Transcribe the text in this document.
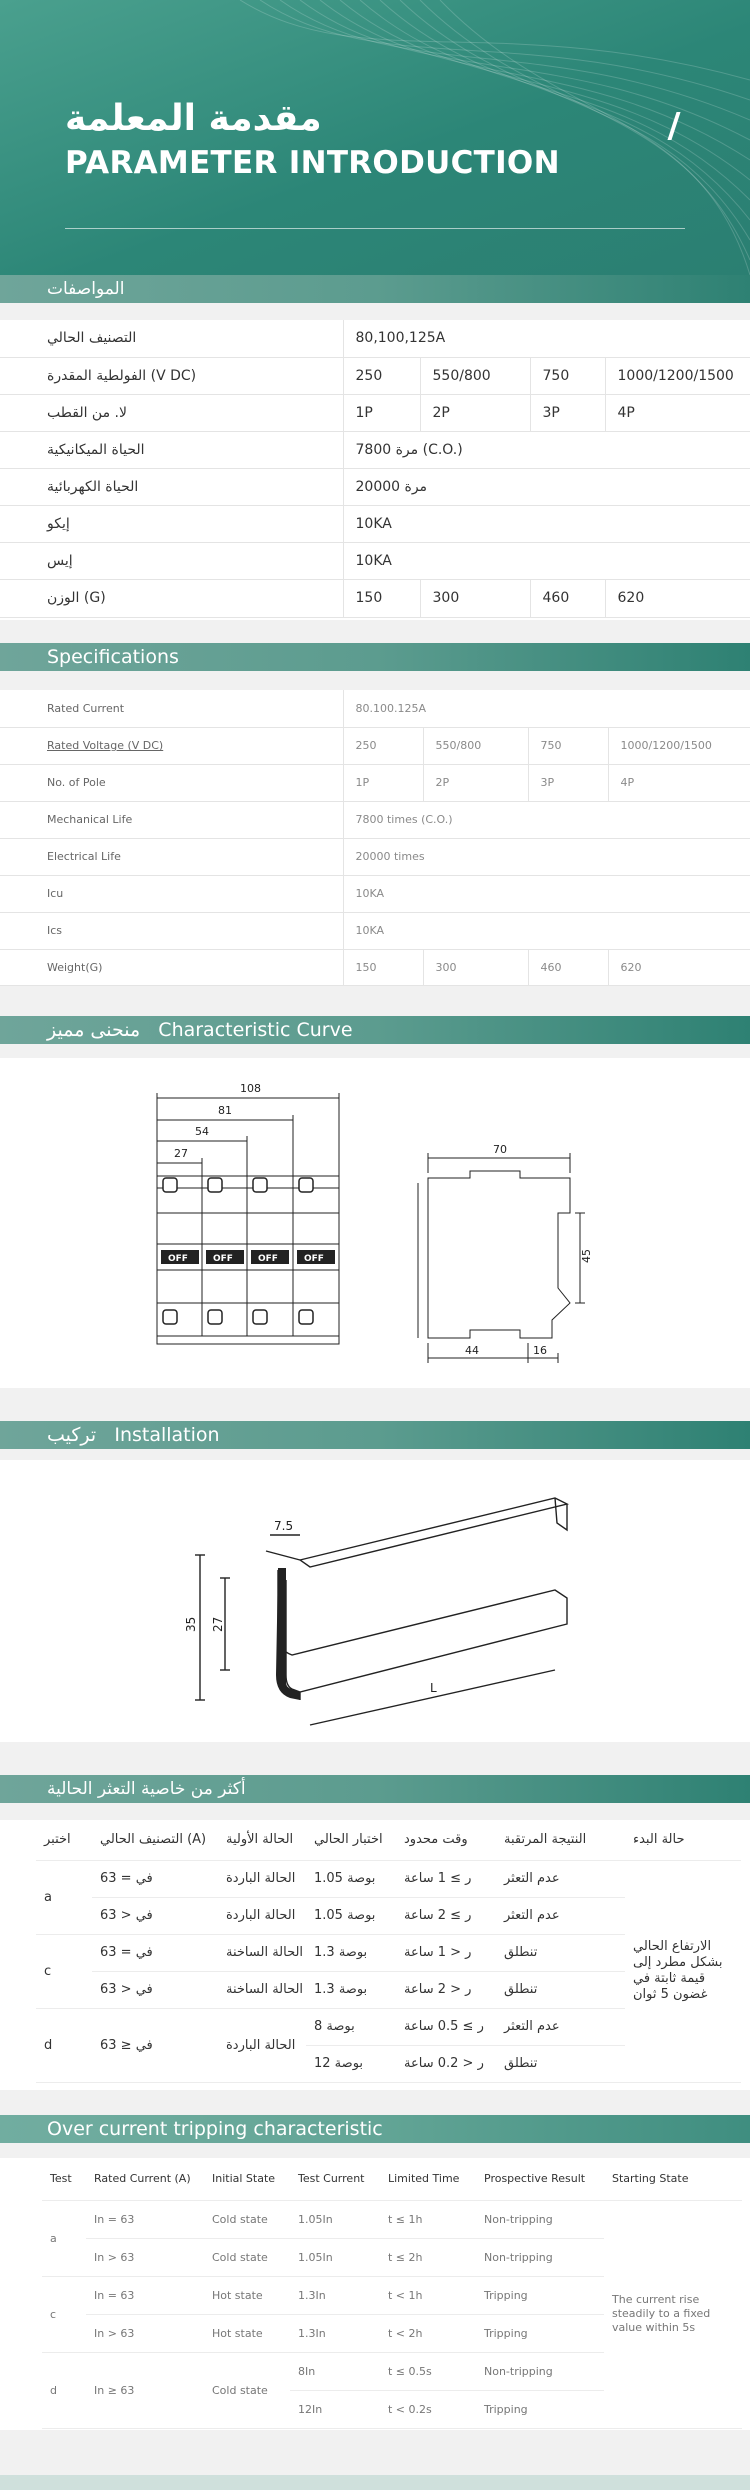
مقدمة المعلمة
PARAMETER INTRODUCTION
المواصفات
التصنيف الحالي	80,100,125A			
الفولطية المقدرة (V DC)	250	550/800	750	1000/1200/1500
لا. من القطب	1P	2P	3P	4P
الحياة الميكانيكية	7800 مرة (C.O.)			
الحياة الكهربائية	20000 مرة			
إيكو	10KA			
إيس	10KA			
الوزن (G)	150	300	460	620
Specifications
Rated Current	80.100.125A			
Rated Voltage (V DC)	250	550/800	750	1000/1200/1500
No. of Pole	1P	2P	3P	4P
Mechanical Life	7800 times (C.O.)			
Electrical Life	20000 times			
Icu	10KA			
Ics	10KA			
Weight(G)	150	300	460	620
منحنى مميز Characteristic Curve
OFF	OFF	OFF	OFF
108
81
54
27	70
45
44	16
تركيب Installation
7.5
35 27
L
أكثر من خاصية التعثر الحالية
اختبر	التصنيف الحالي (A)	الحالة الأولية	اختبار الحالي	وقت محدود	النتيجة المرتقبة	حالة البدء
a	في = 63	الحالة الباردة	بوصة 1.05	ر ≥ 1 ساعة	عدم التعثر	الارتفاع الحالي بشكل مطرد إلى قيمة ثابتة في غضون 5 ثوان
	في < 63	الحالة الباردة	بوصة 1.05	ر ≥ 2 ساعة	عدم التعثر	
c	في = 63	الحالة الساخنة	بوصة 1.3	ر < 1 ساعة	تنطلق	
	في < 63	الحالة الساخنة	بوصة 1.3	ر < 2 ساعة	تنطلق	
d	في ≤ 63	الحالة الباردة	بوصة 8	ر ≥ 0.5 ساعة	عدم التعثر	
			بوصة 12	ر < 0.2 ساعة	تنطلق	
Over current tripping characteristic
Test	Rated Current (A)	Initial State	Test Current	Limited Time	Prospective Result	Starting State
a	In = 63	Cold state	1.05In	t ≤ 1h	Non-tripping	The current rise steadily to a fixed value within 5s
	In > 63	Cold state	1.05In	t ≤ 2h	Non-tripping	
c	In = 63	Hot state	1.3In	t < 1h	Tripping	
	In > 63	Hot state	1.3In	t < 2h	Tripping	
d	In ≥ 63	Cold state	8In	t ≤ 0.5s	Non-tripping	
			12In	t < 0.2s	Tripping	
